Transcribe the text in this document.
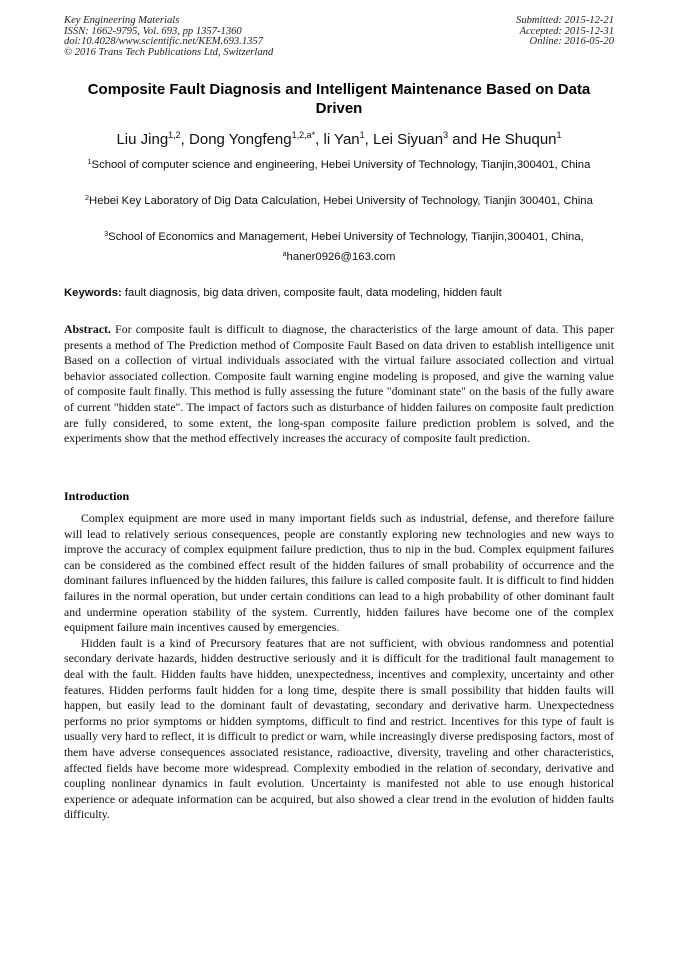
Key Engineering Materials
ISSN: 1662-9795, Vol. 693, pp 1357-1360
doi:10.4028/www.scientific.net/KEM.693.1357
© 2016 Trans Tech Publications Ltd, Switzerland
Submitted: 2015-12-21
Accepted: 2015-12-31
Online: 2016-05-20
Composite Fault Diagnosis and Intelligent Maintenance Based on Data Driven
Liu Jing$^{1,2}$, Dong Yongfeng$^{1,2,a*}$, li Yan$^1$, Lei Siyuan$^3$ and He Shuqun$^1$
$^1$School of computer science and engineering, Hebei University of Technology, Tianjin,300401, China
$^2$Hebei Key Laboratory of Dig Data Calculation, Hebei University of Technology, Tianjin 300401, China
$^3$School of Economics and Management, Hebei University of Technology, Tianjin,300401, China,
$^a$haner0926@163.com
Keywords: fault diagnosis, big data driven, composite fault, data modeling, hidden fault
Abstract. For composite fault is difficult to diagnose, the characteristics of the large amount of data. This paper presents a method of The Prediction method of Composite Fault Based on data driven to establish intelligence unit Based on a collection of virtual individuals associated with the virtual failure associated collection and virtual behavior associated collection. Composite fault warning engine modeling is proposed, and give the warning value of composite fault finally. This method is fully assessing the future "dominant state" on the basis of the fully aware of current "hidden state". The impact of factors such as disturbance of hidden failures on composite fault prediction are fully considered, to some extent, the long-span composite failure prediction problem is solved, and the experiments show that the method effectively increases the accuracy of composite fault prediction.
Introduction

Complex equipment are more used in many important fields such as industrial, defense, and therefore failure will lead to relatively serious consequences, people are constantly exploring new technologies and new ways to improve the accuracy of complex equipment failure prediction, thus to nip in the bud. Complex equipment failures can be considered as the combined effect result of the hidden failures of small probability of occurrence and the dominant failures influenced by the hidden failures, this failure is called composite fault. It is difficult to find hidden failures in the normal operation, but under certain conditions can lead to a high probability of other dominant fault and undermine operation stability of the system. Currently, hidden failures have become one of the complex equipment failure main incentives caused by emergencies.

Hidden fault is a kind of Precursory features that are not sufficient, with obvious randomness and potential secondary derivate hazards, hidden destructive seriously and it is difficult for the traditional fault management to deal with the fault. Hidden faults have hidden, unexpectedness, incentives and complexity, uncertainty and other features. Hidden performs fault hidden for a long time, despite there is small possibility that hidden faults will happen, but easily lead to the dominant fault of devastating, secondary and derivative harm. Unexpectedness performs no prior symptoms or hidden symptoms, difficult to find and restrict. Incentives for this type of fault is usually very hard to reflect, it is difficult to predict or warn, while increasingly diverse predisposing factors, most of them have adverse consequences associated resistance, radioactive, diversity, traveling and other characteristics, affected fields have become more widespread. Complexity embodied in the relation of secondary, derivative and coupling nonlinear dynamics in fault evolution. Uncertainty is manifested not able to use enough historical experience or adequate information can be acquired, but also showed a clear trend in the evolution of hidden faults difficulty.
